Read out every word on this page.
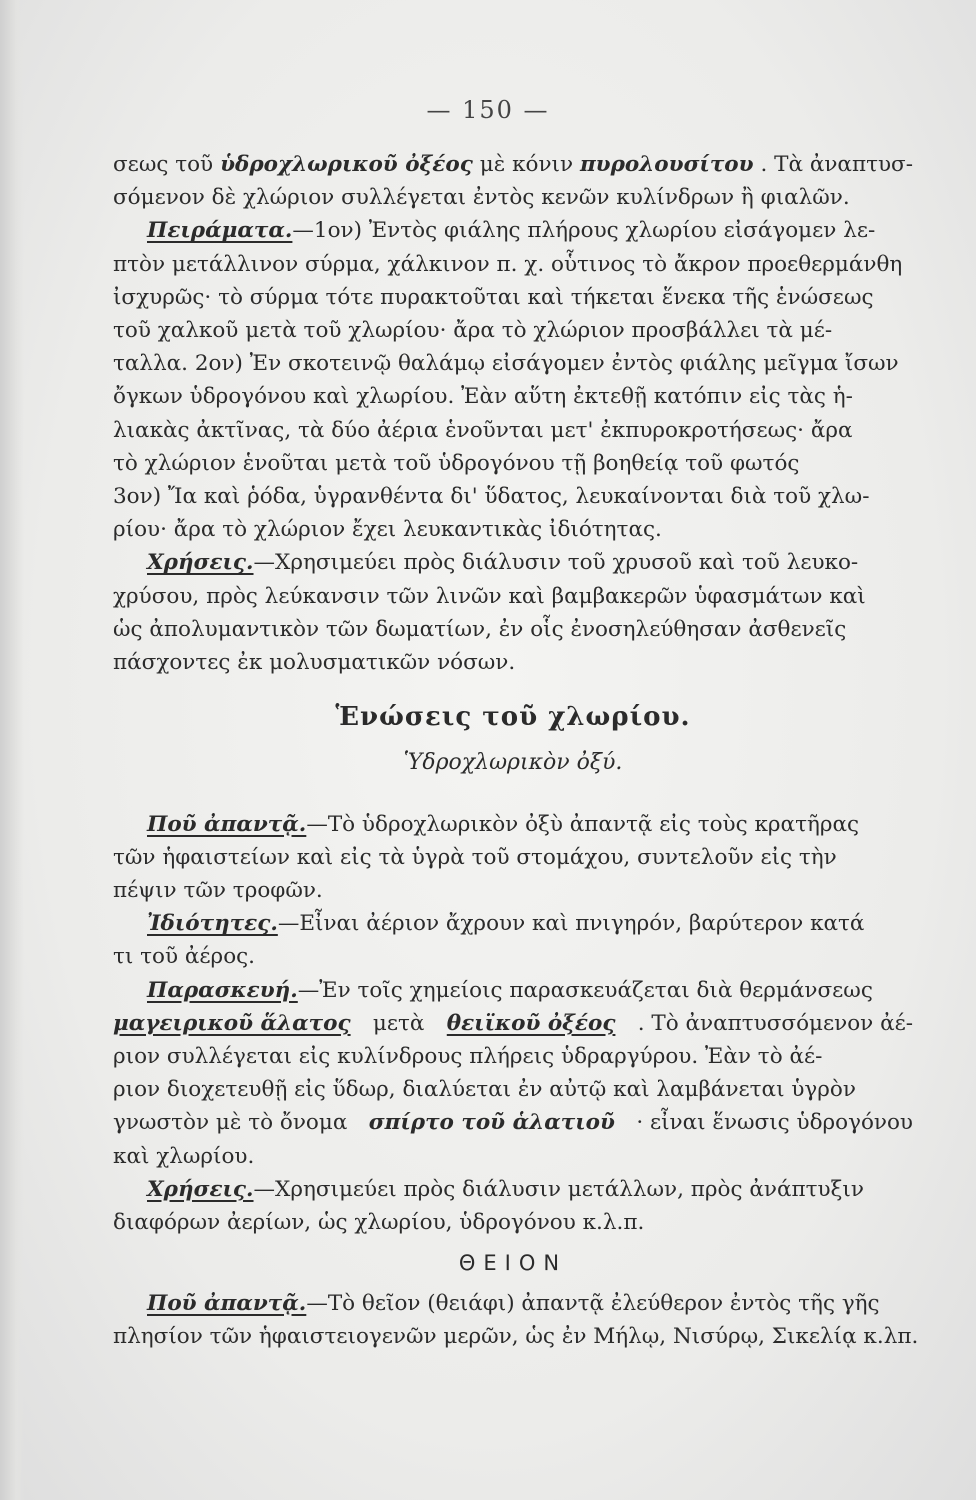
— 150 —
σεως τοῦ ὑδροχλωρικοῦ ὀξέος μὲ κόνιν πυρολουσίτου . Τὰ ἀναπτυσ-
σόμενον δὲ χλώριον συλλέγεται ἐντὸς κενῶν κυλίνδρων ἢ φιαλῶν.
Πειράματα.—1ον) Ἐντὸς φιάλης πλήρους χλωρίου εἰσάγομεν λε-
πτὸν μετάλλινον σύρμα, χάλκινον π. χ. οὗτινος τὸ ἄκρον προεθερμάνθη
ἰσχυρῶς· τὸ σύρμα τότε πυρακτοῦται καὶ τήκεται ἕνεκα τῆς ἑνώσεως
τοῦ χαλκοῦ μετὰ τοῦ χλωρίου· ἄρα τὸ χλώριον προσβάλλει τὰ μέ-
ταλλα. 2ον) Ἐν σκοτεινῷ θαλάμῳ εἰσάγομεν ἐντὸς φιάλης μεῖγμα ἴσων
ὄγκων ὑδρογόνου καὶ χλωρίου. Ἐὰν αὕτη ἐκτεθῇ κατόπιν εἰς τὰς ἡ-
λιακὰς ἀκτῖνας, τὰ δύο ἀέρια ἑνοῦνται μετ' ἐκπυροκροτήσεως· ἄρα
τὸ χλώριον ἑνοῦται μετὰ τοῦ ὑδρογόνου τῇ βοηθείᾳ τοῦ φωτός
3ον) Ἴα καὶ ῥόδα, ὑγρανθέντα δι' ὕδατος, λευκαίνονται διὰ τοῦ χλω-
ρίου· ἄρα τὸ χλώριον ἔχει λευκαντικὰς ἰδιότητας.
Χρήσεις.—Χρησιμεύει πρὸς διάλυσιν τοῦ χρυσοῦ καὶ τοῦ λευκο-
χρύσου, πρὸς λεύκανσιν τῶν λινῶν καὶ βαμβακερῶν ὑφασμάτων καὶ
ὡς ἀπολυμαντικὸν τῶν δωματίων, ἐν οἷς ἐνοσηλεύθησαν ἀσθενεῖς
πάσχοντες ἐκ μολυσματικῶν νόσων.
Ἑνώσεις τοῦ χλωρίου.
Ὑδροχλωρικὸν ὀξύ.
Ποῦ ἀπαντᾷ.—Τὸ ὑδροχλωρικὸν ὀξὺ ἀπαντᾷ εἰς τοὺς κρατῆρας
τῶν ἡφαιστείων καὶ εἰς τὰ ὑγρὰ τοῦ στομάχου, συντελοῦν εἰς τὴν
πέψιν τῶν τροφῶν.
Ἰδιότητες.—Εἶναι ἀέριον ἄχρουν καὶ πνιγηρόν, βαρύτερον κατά
τι τοῦ ἀέρος.
Παρασκευή.—Ἐν τοῖς χημείοις παρασκευάζεται διὰ θερμάνσεως
μαγειρικοῦ ἅλατος μετὰ θειϊκοῦ ὀξέος . Τὸ ἀναπτυσσόμενον ἀέ-
ριον συλλέγεται εἰς κυλίνδρους πλήρεις ὑδραργύρου. Ἐὰν τὸ ἀέ-
ριον διοχετευθῇ εἰς ὕδωρ, διαλύεται ἐν αὐτῷ καὶ λαμβάνεται ὑγρὸν
γνωστὸν μὲ τὸ ὄνομα σπίρτο τοῦ ἁλατιοῦ · εἶναι ἕνωσις ὑδρογόνου
καὶ χλωρίου.
Χρήσεις.—Χρησιμεύει πρὸς διάλυσιν μετάλλων, πρὸς ἀνάπτυξιν
διαφόρων ἀερίων, ὡς χλωρίου, ὑδρογόνου κ.λ.π.
ΘΕΙΟΝ
Ποῦ ἀπαντᾷ.—Τὸ θεῖον (θειάφι) ἀπαντᾷ ἐλεύθερον ἐντὸς τῆς γῆς
πλησίον τῶν ἡφαιστειογενῶν μερῶν, ὡς ἐν Μήλῳ, Νισύρῳ, Σικελίᾳ κ.λπ.
